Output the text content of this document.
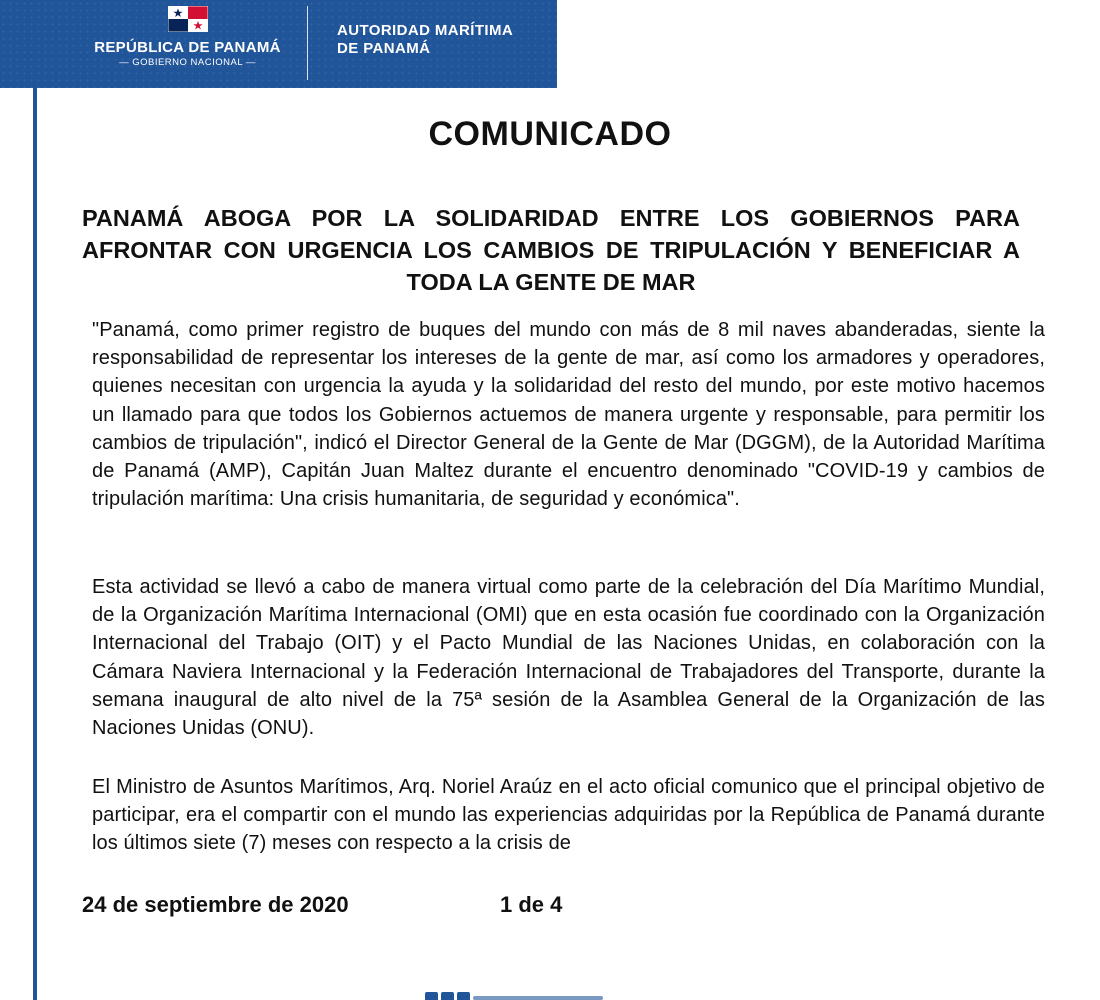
REPÚBLICA DE PANAMÁ
— GOBIERNO NACIONAL —
AUTORIDAD MARÍTIMA
DE PANAMÁ
COMUNICADO
PANAMÁ ABOGA POR LA SOLIDARIDAD ENTRE LOS GOBIERNOS PARA AFRONTAR CON URGENCIA LOS CAMBIOS DE TRIPULACIÓN Y BENEFICIAR A TODA LA GENTE DE MAR

"Panamá, como primer registro de buques del mundo con más de 8 mil naves abanderadas, siente la responsabilidad de representar los intereses de la gente de mar, así como los armadores y operadores, quienes necesitan con urgencia la ayuda y la solidaridad del resto del mundo, por este motivo hacemos un llamado para que todos los Gobiernos actuemos de manera urgente y responsable, para permitir los cambios de tripulación", indicó el Director General de la Gente de Mar (DGGM), de la Autoridad Marítima de Panamá (AMP), Capitán Juan Maltez durante el encuentro denominado "COVID-19 y cambios de tripulación marítima: Una crisis humanitaria, de seguridad y económica".

Esta actividad se llevó a cabo de manera virtual como parte de la celebración del Día Marítimo Mundial, de la Organización Marítima Internacional (OMI) que en esta ocasión fue coordinado con la Organización Internacional del Trabajo (OIT) y el Pacto Mundial de las Naciones Unidas, en colaboración con la Cámara Naviera Internacional y la Federación Internacional de Trabajadores del Transporte, durante la semana inaugural de alto nivel de la 75ª sesión de la Asamblea General de la Organización de las Naciones Unidas (ONU).

El Ministro de Asuntos Marítimos, Arq. Noriel Araúz en el acto oficial comunico que el principal objetivo de participar, era el compartir con el mundo las experiencias adquiridas por la República de Panamá durante los últimos siete (7) meses con respecto a la crisis de

24 de septiembre de 2020	1 de 4
